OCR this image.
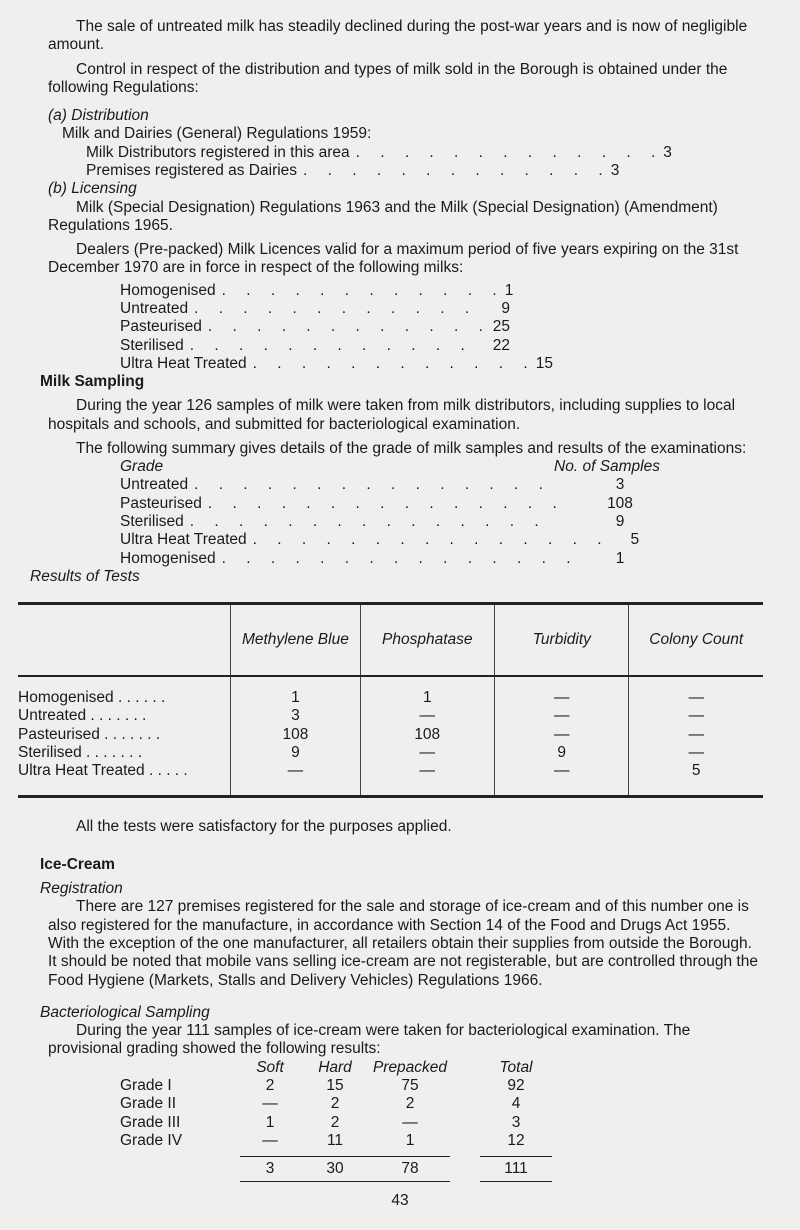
The sale of untreated milk has steadily declined during the post-war years and is now of negligible amount.

Control in respect of the distribution and types of milk sold in the Borough is obtained under the following Regulations:

(a) Distribution

Milk and Dairies (General) Regulations 1959:

Milk Distributors registered in this area . . . . . . . . . . . . . 3
Premises registered as Dairies . . . . . . . . . . . . . 3

(b) Licensing

Milk (Special Designation) Regulations 1963 and the Milk (Special Designation) (Amendment) Regulations 1965.

Dealers (Pre-packed) Milk Licences valid for a maximum period of five years expiring on the 31st December 1970 are in force in respect of the following milks:

Homogenised . . . . . . . . . . . . 1
Untreated . . . . . . . . . . . .	9
Pasteurised . . . . . . . . . . . . 25
Sterilised . . . . . . . . . . . .	22
Ultra Heat Treated . . . . . . . . . . . . 15

Milk Sampling

During the year 126 samples of milk were taken from milk distributors, including supplies to local hospitals and schools, and submitted for bacteriological examination.

The following summary gives details of the grade of milk samples and results of the examinations:

Grade	No. of Samples
Untreated . . . . . . . . . . . . . . .	3
Pasteurised . . . . . . . . . . . . . . .	108
Sterilised . . . . . . . . . . . . . . .	9
Ultra Heat Treated . . . . . . . . . . . . . . .	5
Homogenised . . . . . . . . . . . . . . .	1

Results of Tests

	Methylene Blue	Phosphatase	Turbidity	Colony Count
Homogenised . . . . . .	1	1	—	—
Untreated . . . . . . .	3	—	—	—
Pasteurised . . . . . . .	108	108	—	—
Sterilised . . . . . . .	9	—	9	—
Ultra Heat Treated . . . . .	—	—	—	5

All the tests were satisfactory for the purposes applied.

Ice-Cream

Registration

There are 127 premises registered for the sale and storage of ice-cream and of this number one is also registered for the manufacture, in accordance with Section 14 of the Food and Drugs Act 1955. With the exception of the one manufacturer, all retailers obtain their supplies from outside the Borough. It should be noted that mobile vans selling ice-cream are not registerable, but are controlled through the Food Hygiene (Markets, Stalls and Delivery Vehicles) Regulations 1966.

Bacteriological Sampling

During the year 111 samples of ice-cream were taken for bacteriological examination. The provisional grading showed the following results:

Soft	Hard	Prepacked	Total
Grade I	2	15	75	92
Grade II	—	2	2	4
Grade III	1	2	—	3
Grade IV	—	11	1	12
3	30	78	111
43
